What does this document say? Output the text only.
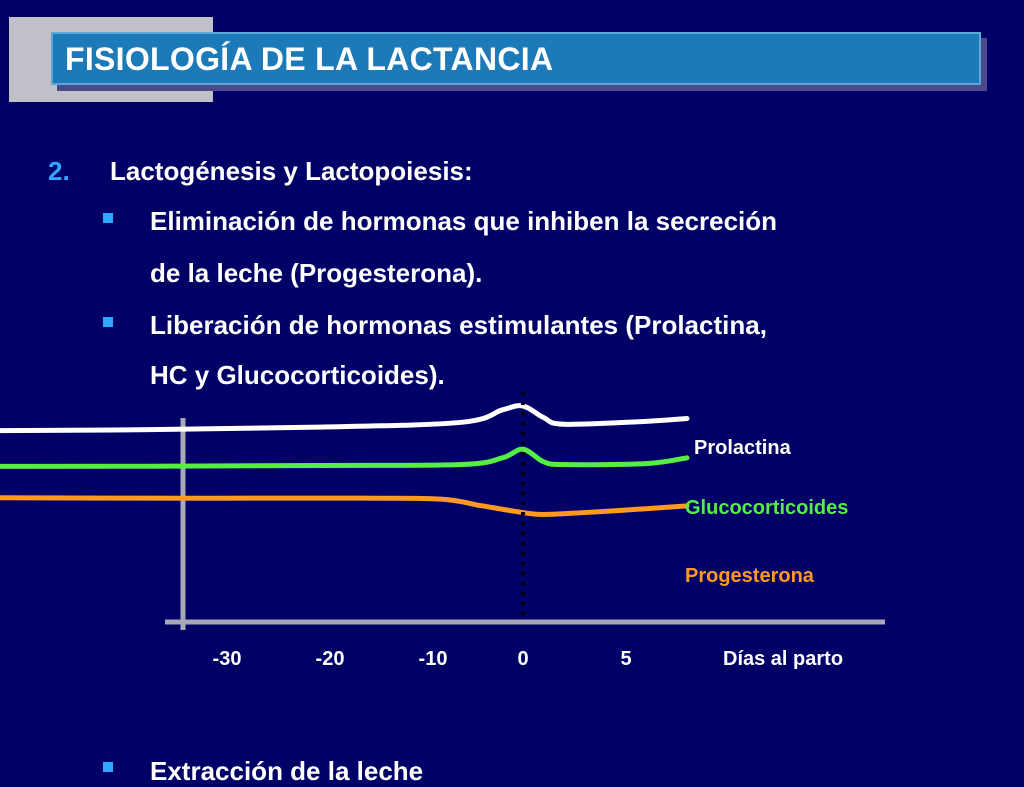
FISIOLOGÍA DE LA LACTANCIA
2. Lactogénesis y Lactopoiesis:
Eliminación de hormonas que inhiben la secreción
de la leche (Progesterona).
Liberación de hormonas estimulantes (Prolactina,
HC y Glucocorticoides).
Extracción de la leche
Prolactina
Glucocorticoides
Progesterona
-30	-20	-10	0	5	Días al parto
